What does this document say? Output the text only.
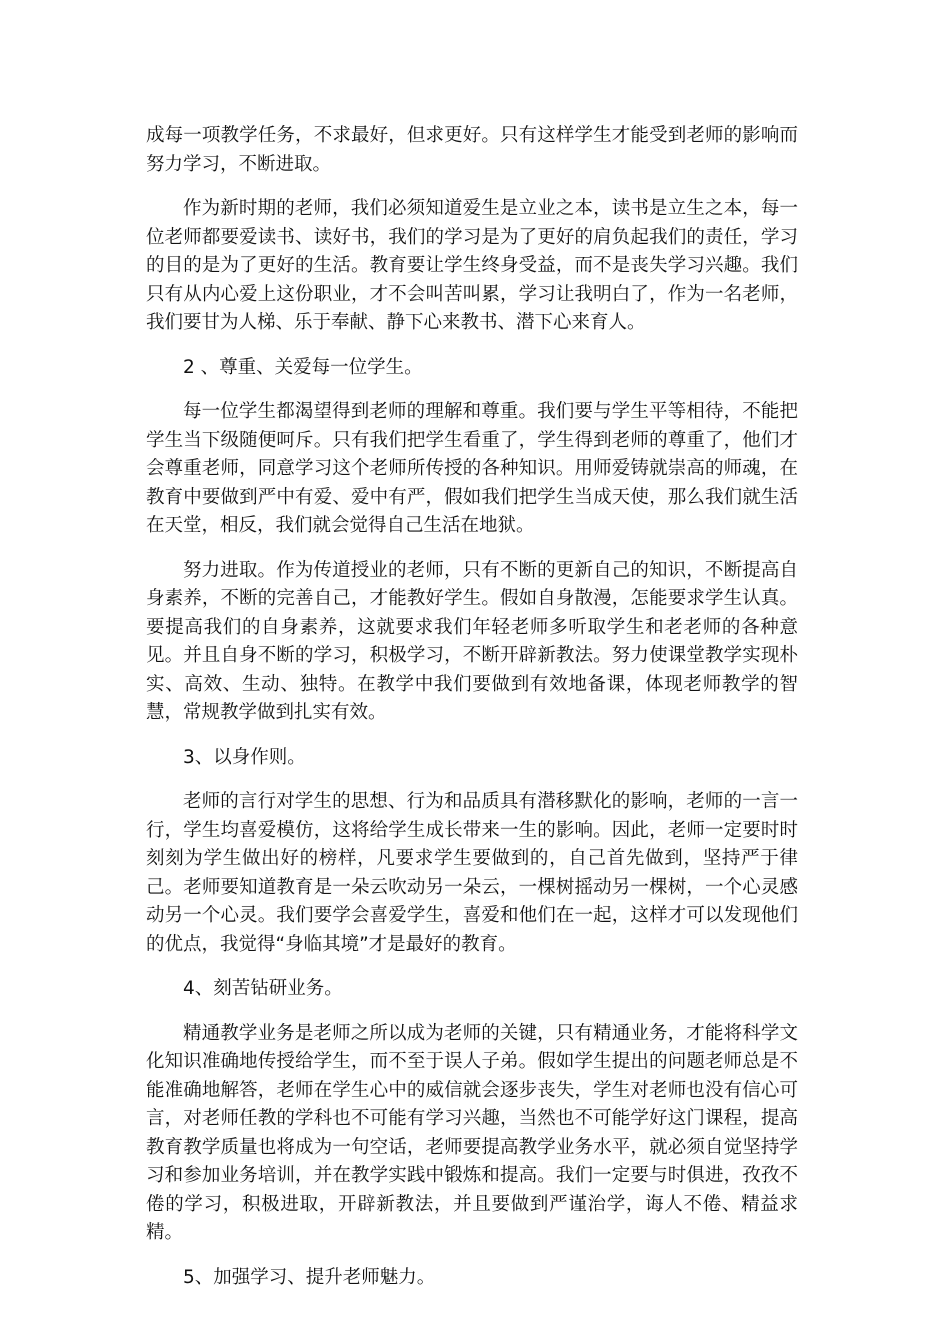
成每一项教学任务，不求最好，但求更好。只有这样学生才能受到老师的影响而努力学习，不断进取。

作为新时期的老师，我们必须知道爱生是立业之本，读书是立生之本，每一位老师都要爱读书、读好书，我们的学习是为了更好的肩负起我们的责任，学习的目的是为了更好的生活。教育要让学生终身受益，而不是丧失学习兴趣。我们只有从内心爱上这份职业，才不会叫苦叫累，学习让我明白了，作为一名老师，我们要甘为人梯、乐于奉献、静下心来教书、潜下心来育人。

2 、尊重、关爱每一位学生。

每一位学生都渴望得到老师的理解和尊重。我们要与学生平等相待，不能把学生当下级随便呵斥。只有我们把学生看重了，学生得到老师的尊重了，他们才会尊重老师，同意学习这个老师所传授的各种知识。用师爱铸就崇高的师魂，在教育中要做到严中有爱、爱中有严，假如我们把学生当成天使，那么我们就生活在天堂，相反，我们就会觉得自己生活在地狱。

努力进取。作为传道授业的老师，只有不断的更新自己的知识，不断提高自身素养，不断的完善自己，才能教好学生。假如自身散漫，怎能要求学生认真。要提高我们的自身素养，这就要求我们年轻老师多听取学生和老老师的各种意见。并且自身不断的学习，积极学习，不断开辟新教法。努力使课堂教学实现朴实、高效、生动、独特。在教学中我们要做到有效地备课，体现老师教学的智慧，常规教学做到扎实有效。

3、以身作则。

老师的言行对学生的思想、行为和品质具有潜移默化的影响，老师的一言一行，学生均喜爱模仿，这将给学生成长带来一生的影响。因此，老师一定要时时刻刻为学生做出好的榜样，凡要求学生要做到的，自己首先做到，坚持严于律己。老师要知道教育是一朵云吹动另一朵云，一棵树摇动另一棵树，一个心灵感动另一个心灵。我们要学会喜爱学生，喜爱和他们在一起，这样才可以发现他们的优点，我觉得“身临其境”才是最好的教育。

4、刻苦钻研业务。

精通教学业务是老师之所以成为老师的关键，只有精通业务，才能将科学文化知识准确地传授给学生，而不至于误人子弟。假如学生提出的问题老师总是不能准确地解答，老师在学生心中的威信就会逐步丧失，学生对老师也没有信心可言，对老师任教的学科也不可能有学习兴趣，当然也不可能学好这门课程，提高教育教学质量也将成为一句空话，老师要提高教学业务水平，就必须自觉坚持学习和参加业务培训，并在教学实践中锻炼和提高。我们一定要与时俱进，孜孜不倦的学习，积极进取，开辟新教法，并且要做到严谨治学，诲人不倦、精益求精。

5、加强学习、提升老师魅力。
